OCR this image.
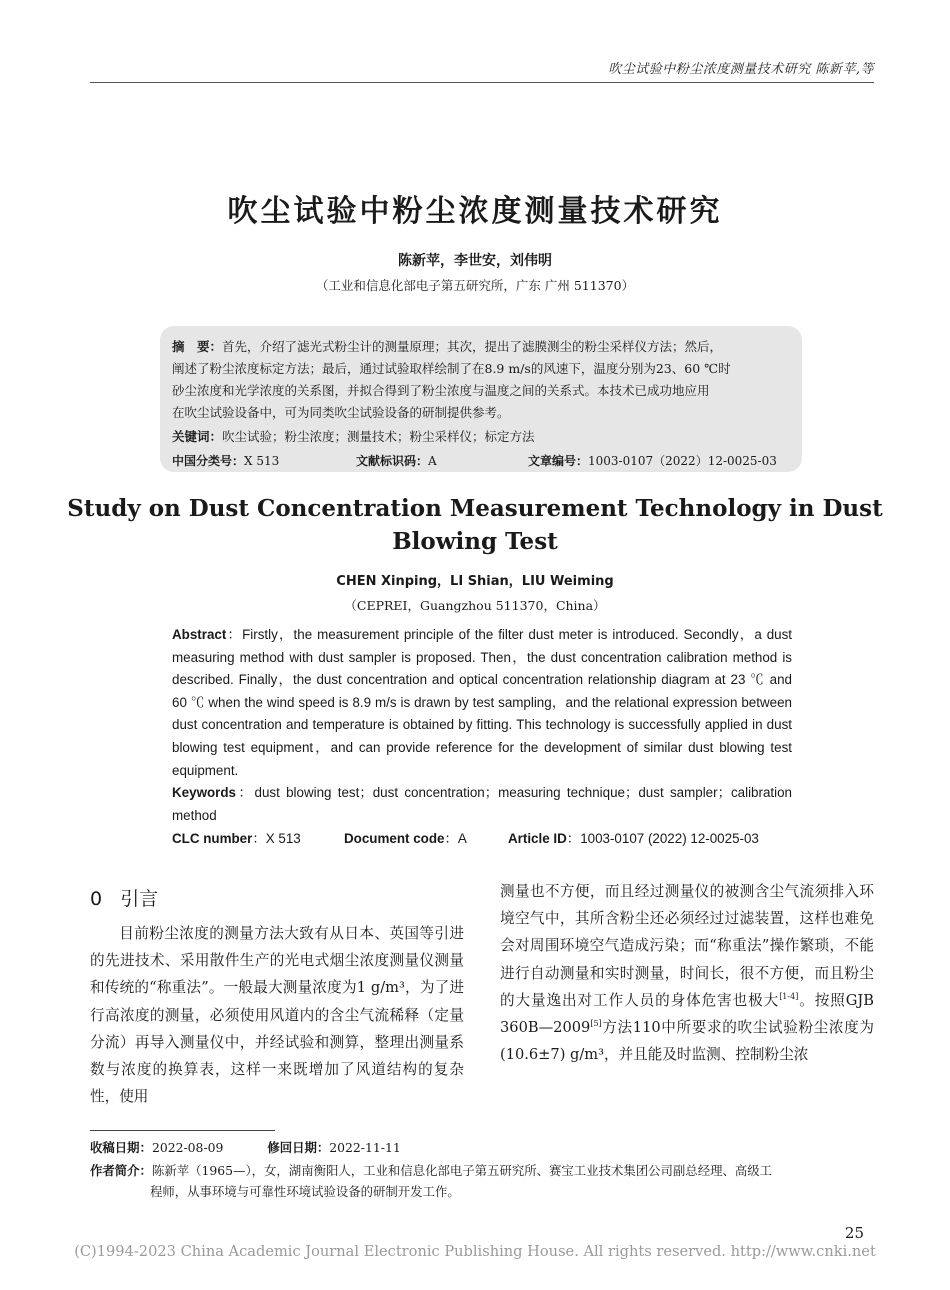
吹尘试验中粉尘浓度测量技术研究 陈新苹,等
吹尘试验中粉尘浓度测量技术研究
陈新苹，李世安，刘伟明
（工业和信息化部电子第五研究所，广东 广州 511370）
摘　要：首先，介绍了滤光式粉尘计的测量原理；其次，提出了滤膜测尘的粉尘采样仪方法；然后，
阐述了粉尘浓度标定方法；最后，通过试验取样绘制了在8.9 m/s的风速下，温度分别为23、60 ℃时
砂尘浓度和光学浓度的关系图，并拟合得到了粉尘浓度与温度之间的关系式。本技术已成功地应用
在吹尘试验设备中，可为同类吹尘试验设备的研制提供参考。
关键词：吹尘试验；粉尘浓度；测量技术；粉尘采样仪；标定方法
中国分类号：X 513	文献标识码：A	文章编号：1003-0107（2022）12-0025-03
Study on Dust Concentration Measurement Technology in Dust
Blowing Test
CHEN Xinping，LI Shian，LIU Weiming
（CEPREI，Guangzhou 511370，China）
Abstract：Firstly，the measurement principle of the filter dust meter is introduced. Secondly，a dust measuring method with dust sampler is proposed. Then，the dust concentration calibration method is described. Finally，the dust concentration and optical concentration relationship diagram at 23 ℃ and 60 ℃ when the wind speed is 8.9 m/s is drawn by test sampling，and the relational expression between dust concentration and temperature is obtained by fitting. This technology is successfully applied in dust blowing test equipment，and can provide reference for the development of similar dust blowing test equipment.
Keywords：dust blowing test；dust concentration；measuring technique；dust sampler；calibration method
CLC number：X 513	Document code：A	Article ID：1003-0107 (2022) 12-0025-03
0 引言
目前粉尘浓度的测量方法大致有从日本、英国等引进的先进技术、采用散件生产的光电式烟尘浓度测量仪测量和传统的“称重法”。一般最大测量浓度为1 g/m³，为了进行高浓度的测量，必须使用风道内的含尘气流稀释（定量分流）再导入测量仪中，并经试验和测算，整理出测量系数与浓度的换算表，这样一来既增加了风道结构的复杂性，使用
测量也不方便，而且经过测量仪的被测含尘气流须排入环境空气中，其所含粉尘还必须经过过滤装置，这样也难免会对周围环境空气造成污染；而“称重法”操作繁琐，不能进行自动测量和实时测量，时间长，很不方便，而且粉尘的大量逸出对工作人员的身体危害也极大[1-4]。按照GJB 360B—2009[5]方法110中所要求的吹尘试验粉尘浓度为(10.6±7) g/m³，并且能及时监测、控制粉尘浓
收稿日期：2022-08-09	修回日期：2022-11-11
作者简介：陈新苹（1965—），女，湖南衡阳人，工业和信息化部电子第五研究所、赛宝工业技术集团公司副总经理、高级工
程师，从事环境与可靠性环境试验设备的研制开发工作。
25
(C)1994-2023 China Academic Journal Electronic Publishing House. All rights reserved. http://www.cnki.net
